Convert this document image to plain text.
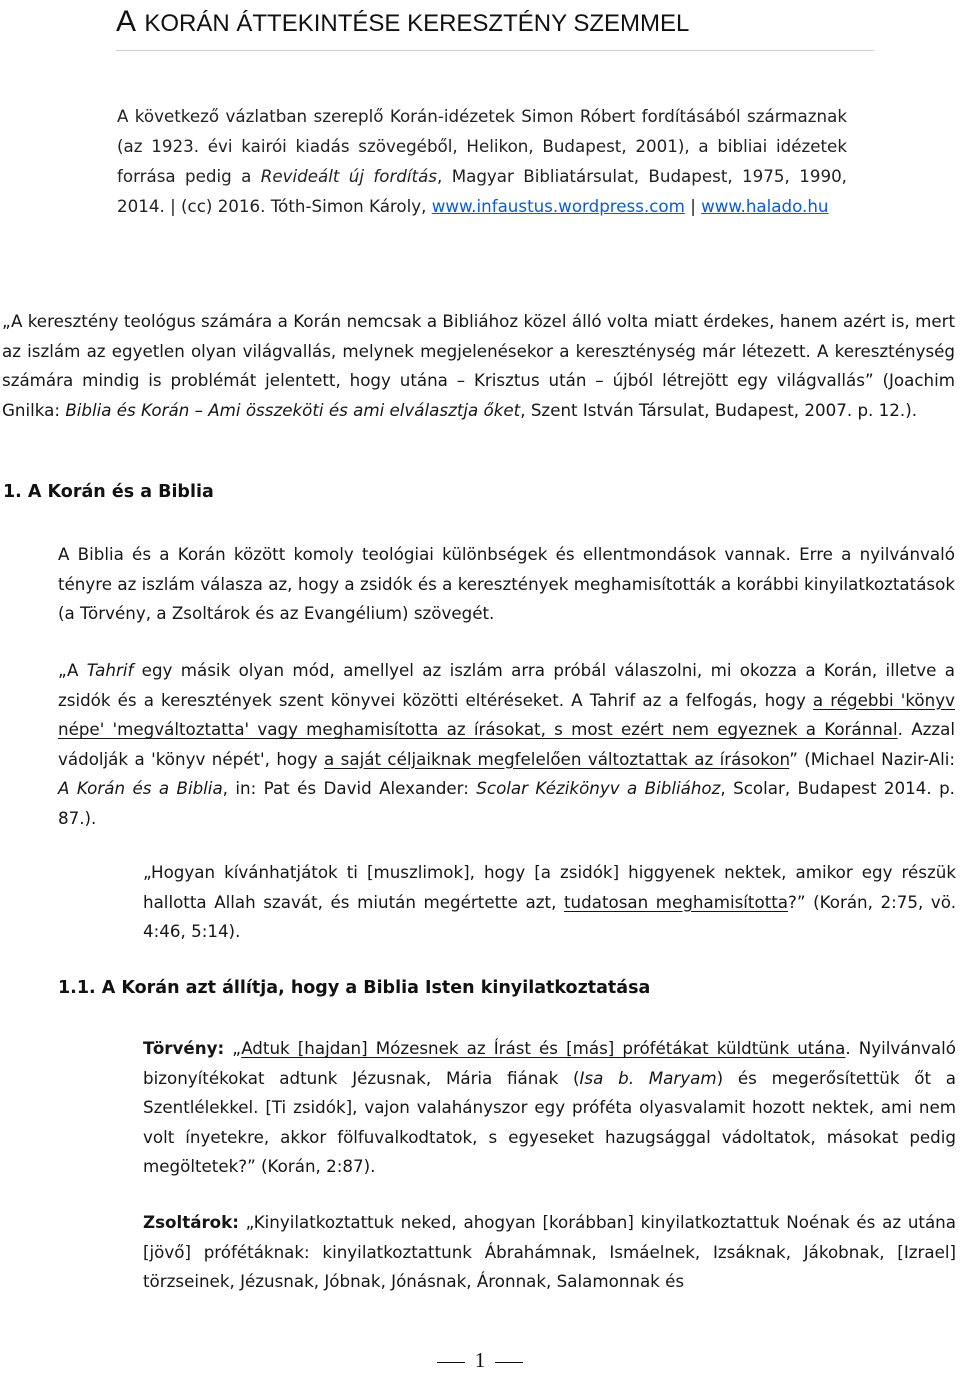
A KORÁN ÁTTEKINTÉSE KERESZTÉNY SZEMMEL

A következő vázlatban szereplő Korán-idézetek Simon Róbert fordításából származnak (az 1923. évi kairói kiadás szövegéből, Helikon, Budapest, 2001), a bibliai idézetek forrása pedig a Revideált új fordítás, Magyar Bibliatársulat, Budapest, 1975, 1990, 2014. | (cc) 2016. Tóth-Simon Károly, www.infaustus.wordpress.com | www.halado.hu

„A keresztény teológus számára a Korán nemcsak a Bibliához közel álló volta miatt érdekes, hanem azért is, mert az iszlám az egyetlen olyan világvallás, melynek megjelenésekor a kereszténység már létezett. A kereszténység számára mindig is problémát jelentett, hogy utána – Krisztus után – újból létrejött egy világvallás” (Joachim Gnilka: Biblia és Korán – Ami összeköti és ami elválasztja őket, Szent István Társulat, Budapest, 2007. p. 12.).

1. A Korán és a Biblia

A Biblia és a Korán között komoly teológiai különbségek és ellentmondások vannak. Erre a nyilvánvaló tényre az iszlám válasza az, hogy a zsidók és a keresztények meghamisították a korábbi kinyilatkoztatások (a Törvény, a Zsoltárok és az Evangélium) szövegét.

„A Tahrif egy másik olyan mód, amellyel az iszlám arra próbál válaszolni, mi okozza a Korán, illetve a zsidók és a keresztények szent könyvei közötti eltéréseket. A Tahrif az a felfogás, hogy a régebbi 'könyv népe' 'megváltoztatta' vagy meghamisította az írásokat, s most ezért nem egyeznek a Koránnal. Azzal vádolják a 'könyv népét', hogy a saját céljaiknak megfelelően változtattak az írásokon” (Michael Nazir-Ali: A Korán és a Biblia, in: Pat és David Alexander: Scolar Kézikönyv a Bibliához, Scolar, Budapest 2014. p. 87.).

„Hogyan kívánhatjátok ti [muszlimok], hogy [a zsidók] higgyenek nektek, amikor egy részük hallotta Allah szavát, és miután megértette azt, tudatosan meghamisította?” (Korán, 2:75, vö. 4:46, 5:14).

1.1. A Korán azt állítja, hogy a Biblia Isten kinyilatkoztatása

Törvény: „Adtuk [hajdan] Mózesnek az Írást és [más] prófétákat küldtünk utána. Nyilvánvaló bizonyítékokat adtunk Jézusnak, Mária fiának (Isa b. Maryam) és megerősítettük őt a Szentlélekkel. [Ti zsidók], vajon valahányszor egy próféta olyasvalamit hozott nektek, ami nem volt ínyetekre, akkor fölfuvalkodtatok, s egyeseket hazugsággal vádoltatok, másokat pedig megöltetek?” (Korán, 2:87).

Zsoltárok: „Kinyilatkoztattuk neked, ahogyan [korábban] kinyilatkoztattuk Noénak és az utána [jövő] prófétáknak: kinyilatkoztattunk Ábrahámnak, Ismáelnek, Izsáknak, Jákobnak, [Izrael] törzseinek, Jézusnak, Jóbnak, Jónásnak, Áronnak, Salamonnak és

1
